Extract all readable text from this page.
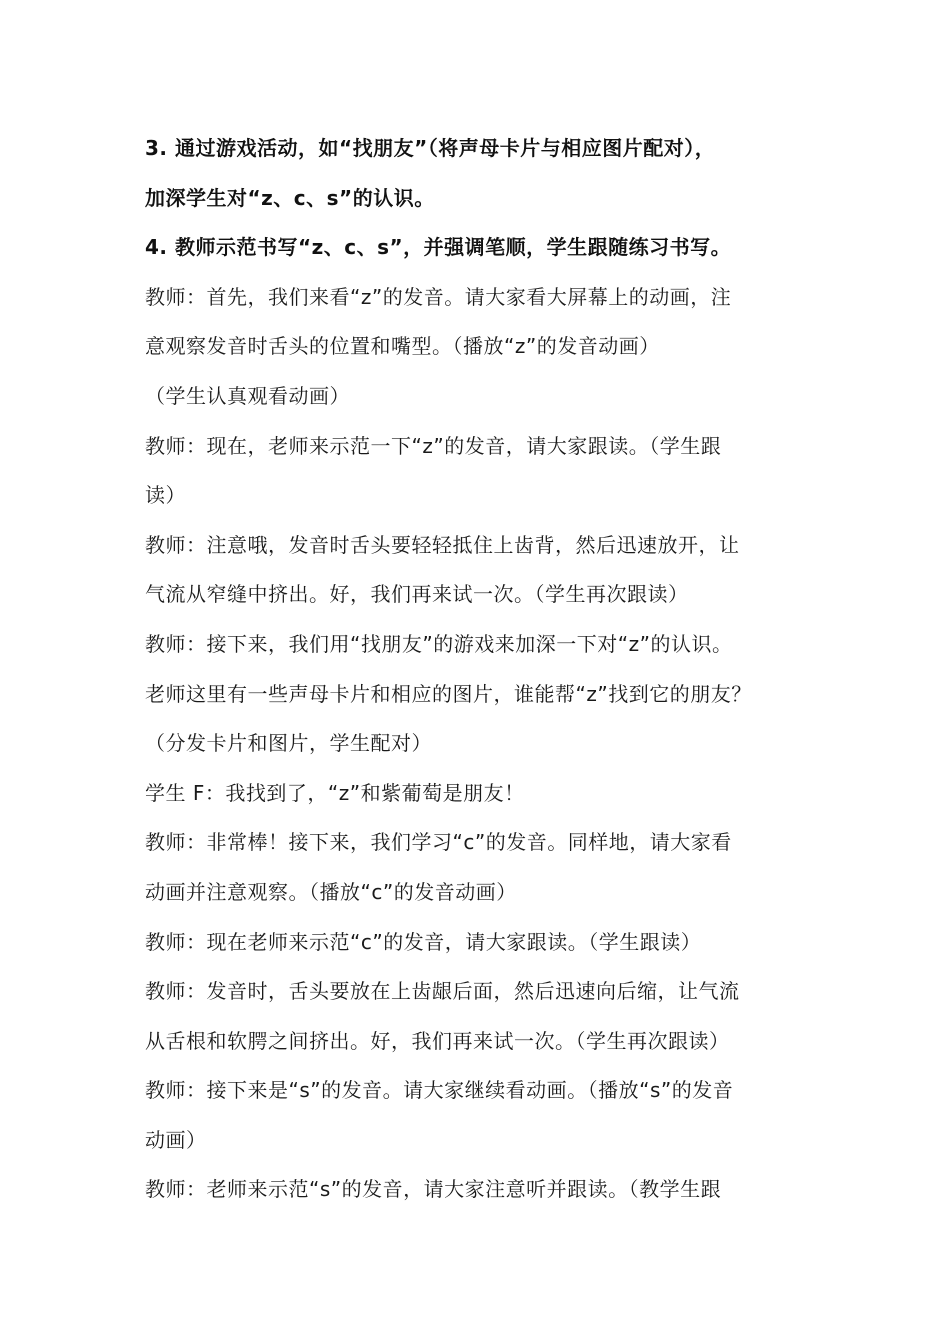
3. 通过游戏活动，如“找朋友”（将声母卡片与相应图片配对），
加深学生对“z、c、s”的认识。
4. 教师示范书写“z、c、s”，并强调笔顺，学生跟随练习书写。
教师：首先，我们来看“z”的发音。请大家看大屏幕上的动画，注
意观察发音时舌头的位置和嘴型。（播放“z”的发音动画）
（学生认真观看动画）
教师：现在，老师来示范一下“z”的发音，请大家跟读。（学生跟
读）
教师：注意哦，发音时舌头要轻轻抵住上齿背，然后迅速放开，让
气流从窄缝中挤出。好，我们再来试一次。（学生再次跟读）
教师：接下来，我们用“找朋友”的游戏来加深一下对“z”的认识。
老师这里有一些声母卡片和相应的图片，谁能帮“z”找到它的朋友？
（分发卡片和图片，学生配对）
学生 F：我找到了，“z”和紫葡萄是朋友！
教师：非常棒！接下来，我们学习“c”的发音。同样地，请大家看
动画并注意观察。（播放“c”的发音动画）
教师：现在老师来示范“c”的发音，请大家跟读。（学生跟读）
教师：发音时，舌头要放在上齿龈后面，然后迅速向后缩，让气流
从舌根和软腭之间挤出。好，我们再来试一次。（学生再次跟读）
教师：接下来是“s”的发音。请大家继续看动画。（播放“s”的发音
动画）
教师：老师来示范“s”的发音，请大家注意听并跟读。（教学生跟
